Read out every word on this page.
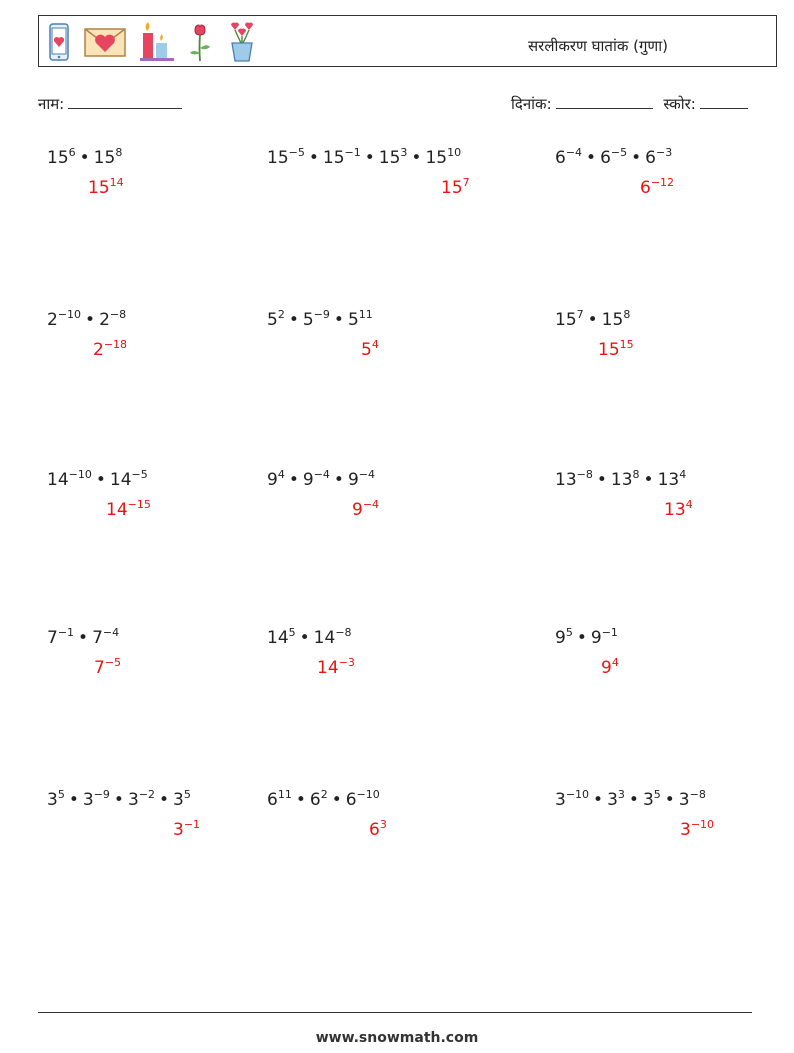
सरलीकरण घातांक (गुणा)
नाम:	दिनांक:	स्कोर:
$15^6$ • $15^8$
$15^{14}$
$15^{-5}$ • $15^{-1}$ • $15^3$ • $15^{10}$
$15^7$
$6^{-4}$ • $6^{-5}$ • $6^{-3}$
$6^{-12}$
$2^{-10}$ • $2^{-8}$
$2^{-18}$
$5^2$ • $5^{-9}$ • $5^{11}$
$5^4$
$15^7$ • $15^8$
$15^{15}$
$14^{-10}$ • $14^{-5}$
$14^{-15}$
$9^4$ • $9^{-4}$ • $9^{-4}$
$9^{-4}$
$13^{-8}$ • $13^8$ • $13^4$
$13^4$
$7^{-1}$ • $7^{-4}$
$7^{-5}$
$14^5$ • $14^{-8}$
$14^{-3}$
$9^5$ • $9^{-1}$
$9^4$
$3^5$ • $3^{-9}$ • $3^{-2}$ • $3^5$
$3^{-1}$
$6^{11}$ • $6^2$ • $6^{-10}$
$6^3$
$3^{-10}$ • $3^3$ • $3^5$ • $3^{-8}$
$3^{-10}$
www.snowmath.com
